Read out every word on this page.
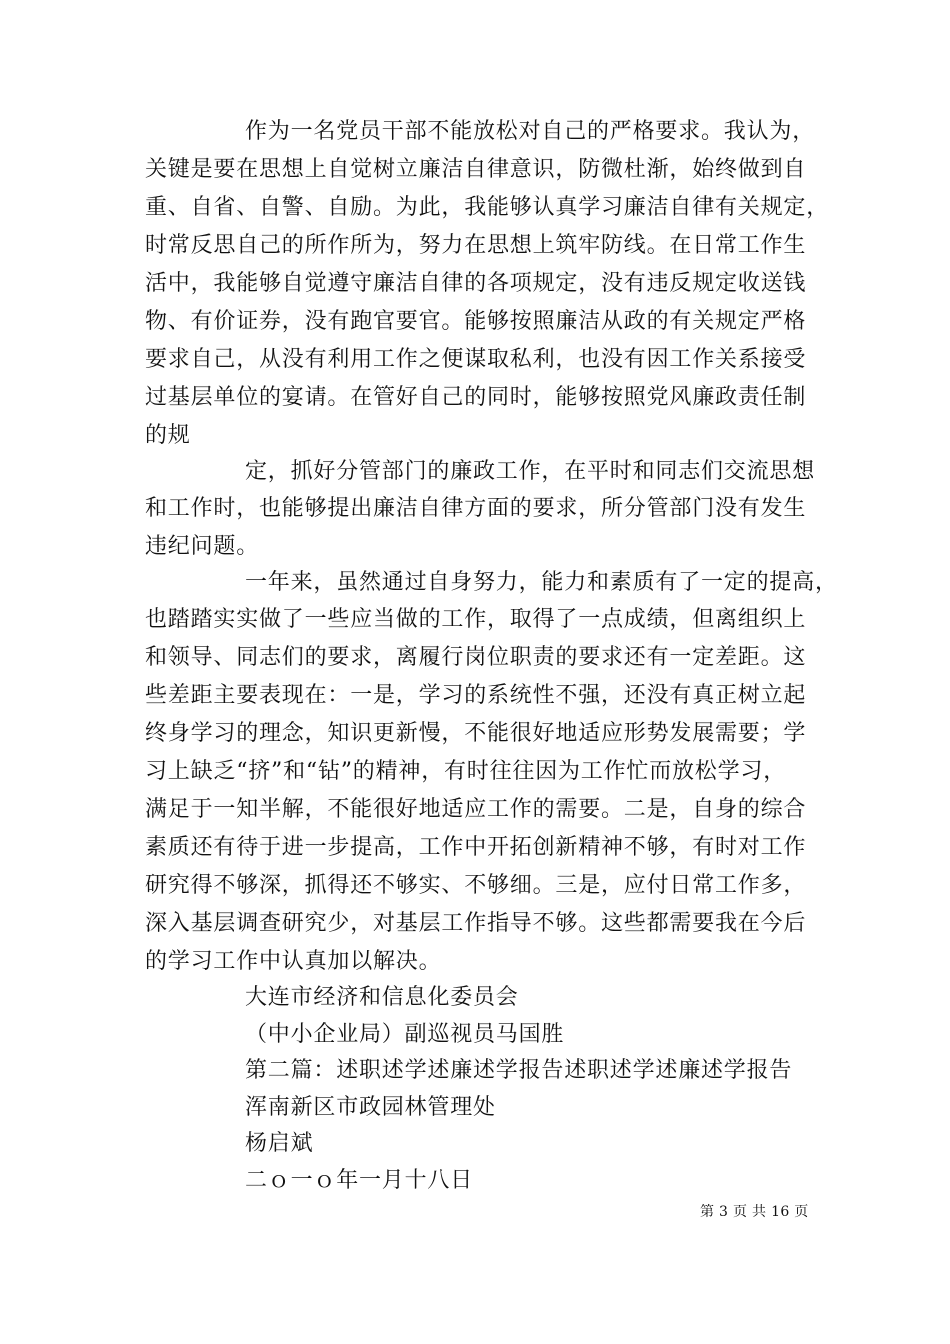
作为一名党员干部不能放松对自己的严格要求。我认为，
关键是要在思想上自觉树立廉洁自律意识，防微杜渐，始终做到自
重、自省、自警、自励。为此，我能够认真学习廉洁自律有关规定，
时常反思自己的所作所为，努力在思想上筑牢防线。在日常工作生
活中，我能够自觉遵守廉洁自律的各项规定，没有违反规定收送钱
物、有价证券，没有跑官要官。能够按照廉洁从政的有关规定严格
要求自己，从没有利用工作之便谋取私利，也没有因工作关系接受
过基层单位的宴请。在管好自己的同时，能够按照党风廉政责任制
的规
定，抓好分管部门的廉政工作，在平时和同志们交流思想
和工作时，也能够提出廉洁自律方面的要求，所分管部门没有发生
违纪问题。
一年来，虽然通过自身努力，能力和素质有了一定的提高，
也踏踏实实做了一些应当做的工作，取得了一点成绩，但离组织上
和领导、同志们的要求，离履行岗位职责的要求还有一定差距。这
些差距主要表现在：一是，学习的系统性不强，还没有真正树立起
终身学习的理念，知识更新慢，不能很好地适应形势发展需要；学
习上缺乏“挤”和“钻”的精神，有时往往因为工作忙而放松学习，
满足于一知半解，不能很好地适应工作的需要。二是，自身的综合
素质还有待于进一步提高，工作中开拓创新精神不够，有时对工作
研究得不够深，抓得还不够实、不够细。三是，应付日常工作多，
深入基层调查研究少，对基层工作指导不够。这些都需要我在今后
的学习工作中认真加以解决。
大连市经济和信息化委员会
（中小企业局）副巡视员马国胜
第二篇：述职述学述廉述学报告述职述学述廉述学报告
浑南新区市政园林管理处
杨启斌
二ｏ一ｏ年一月十八日
第 3 页 共 16 页
